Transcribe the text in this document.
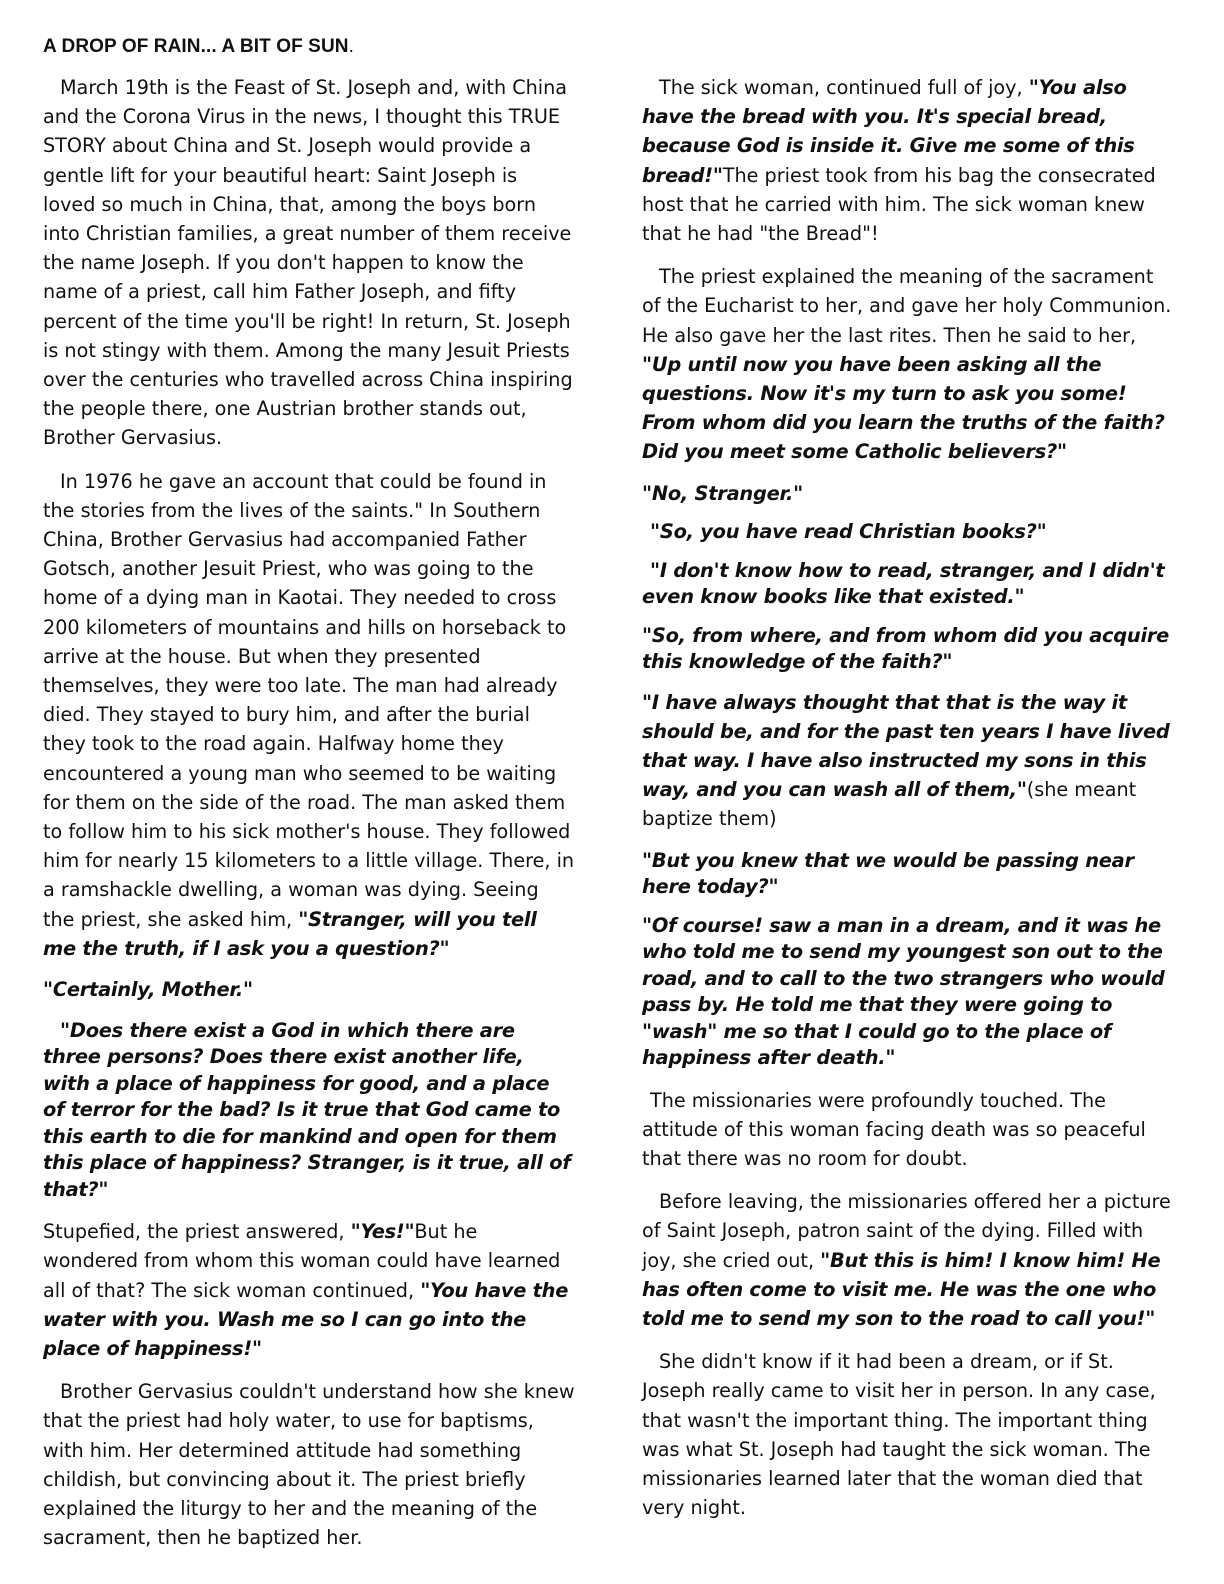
A DROP OF RAIN... A BIT OF SUN.

March 19th is the Feast of St. Joseph and, with China and the Corona Virus in the news, I thought this TRUE STORY about China and St. Joseph would provide a gentle lift for your beautiful heart: Saint Joseph is loved so much in China, that, among the boys born into Christian families, a great number of them receive the name Joseph. If you don't happen to know the name of a priest, call him Father Joseph, and fifty percent of the time you'll be right! In return, St. Joseph is not stingy with them. Among the many Jesuit Priests over the centuries who travelled across China inspiring the people there, one Austrian brother stands out, Brother Gervasius.

In 1976 he gave an account that could be found in the stories from the lives of the saints." In Southern China, Brother Gervasius had accompanied Father Gotsch, another Jesuit Priest, who was going to the home of a dying man in Kaotai. They needed to cross 200 kilometers of mountains and hills on horseback to arrive at the house. But when they presented themselves, they were too late. The man had already died. They stayed to bury him, and after the burial they took to the road again. Halfway home they encountered a young man who seemed to be waiting for them on the side of the road. The man asked them to follow him to his sick mother's house. They followed him for nearly 15 kilometers to a little village. There, in a ramshackle dwelling, a woman was dying. Seeing the priest, she asked him, "Stranger, will you tell me the truth, if I ask you a question?"

"Certainly, Mother."

"Does there exist a God in which there are three persons? Does there exist another life, with a place of happiness for good, and a place of terror for the bad? Is it true that God came to this earth to die for mankind and open for them this place of happiness? Stranger, is it true, all of that?"

Stupefied, the priest answered, "Yes!"But he wondered from whom this woman could have learned all of that? The sick woman continued, "You have the water with you. Wash me so I can go into the place of happiness!"

Brother Gervasius couldn't understand how she knew that the priest had holy water, to use for baptisms, with him. Her determined attitude had something childish, but convincing about it. The priest briefly explained the liturgy to her and the meaning of the sacrament, then he baptized her.

The sick woman, continued full of joy, "You also have the bread with you. It's special bread, because God is inside it. Give me some of this bread!"The priest took from his bag the consecrated host that he carried with him. The sick woman knew that he had "the Bread"!

The priest explained the meaning of the sacrament of the Eucharist to her, and gave her holy Communion. He also gave her the last rites. Then he said to her, "Up until now you have been asking all the questions. Now it's my turn to ask you some! From whom did you learn the truths of the faith? Did you meet some Catholic believers?"

"No, Stranger."

"So, you have read Christian books?"

"I don't know how to read, stranger, and I didn't even know books like that existed."

"So, from where, and from whom did you acquire this knowledge of the faith?"

"I have always thought that that is the way it should be, and for the past ten years I have lived that way. I have also instructed my sons in this way, and you can wash all of them,"(she meant baptize them)

"But you knew that we would be passing near here today?"

"Of course! saw a man in a dream, and it was he who told me to send my youngest son out to the road, and to call to the two strangers who would pass by. He told me that they were going to "wash" me so that I could go to the place of happiness after death."

The missionaries were profoundly touched. The attitude of this woman facing death was so peaceful that there was no room for doubt.

Before leaving, the missionaries offered her a picture of Saint Joseph, patron saint of the dying. Filled with joy, she cried out, "But this is him! I know him! He has often come to visit me. He was the one who told me to send my son to the road to call you!"

She didn't know if it had been a dream, or if St. Joseph really came to visit her in person. In any case, that wasn't the important thing. The important thing was what St. Joseph had taught the sick woman. The missionaries learned later that the woman died that very night.
